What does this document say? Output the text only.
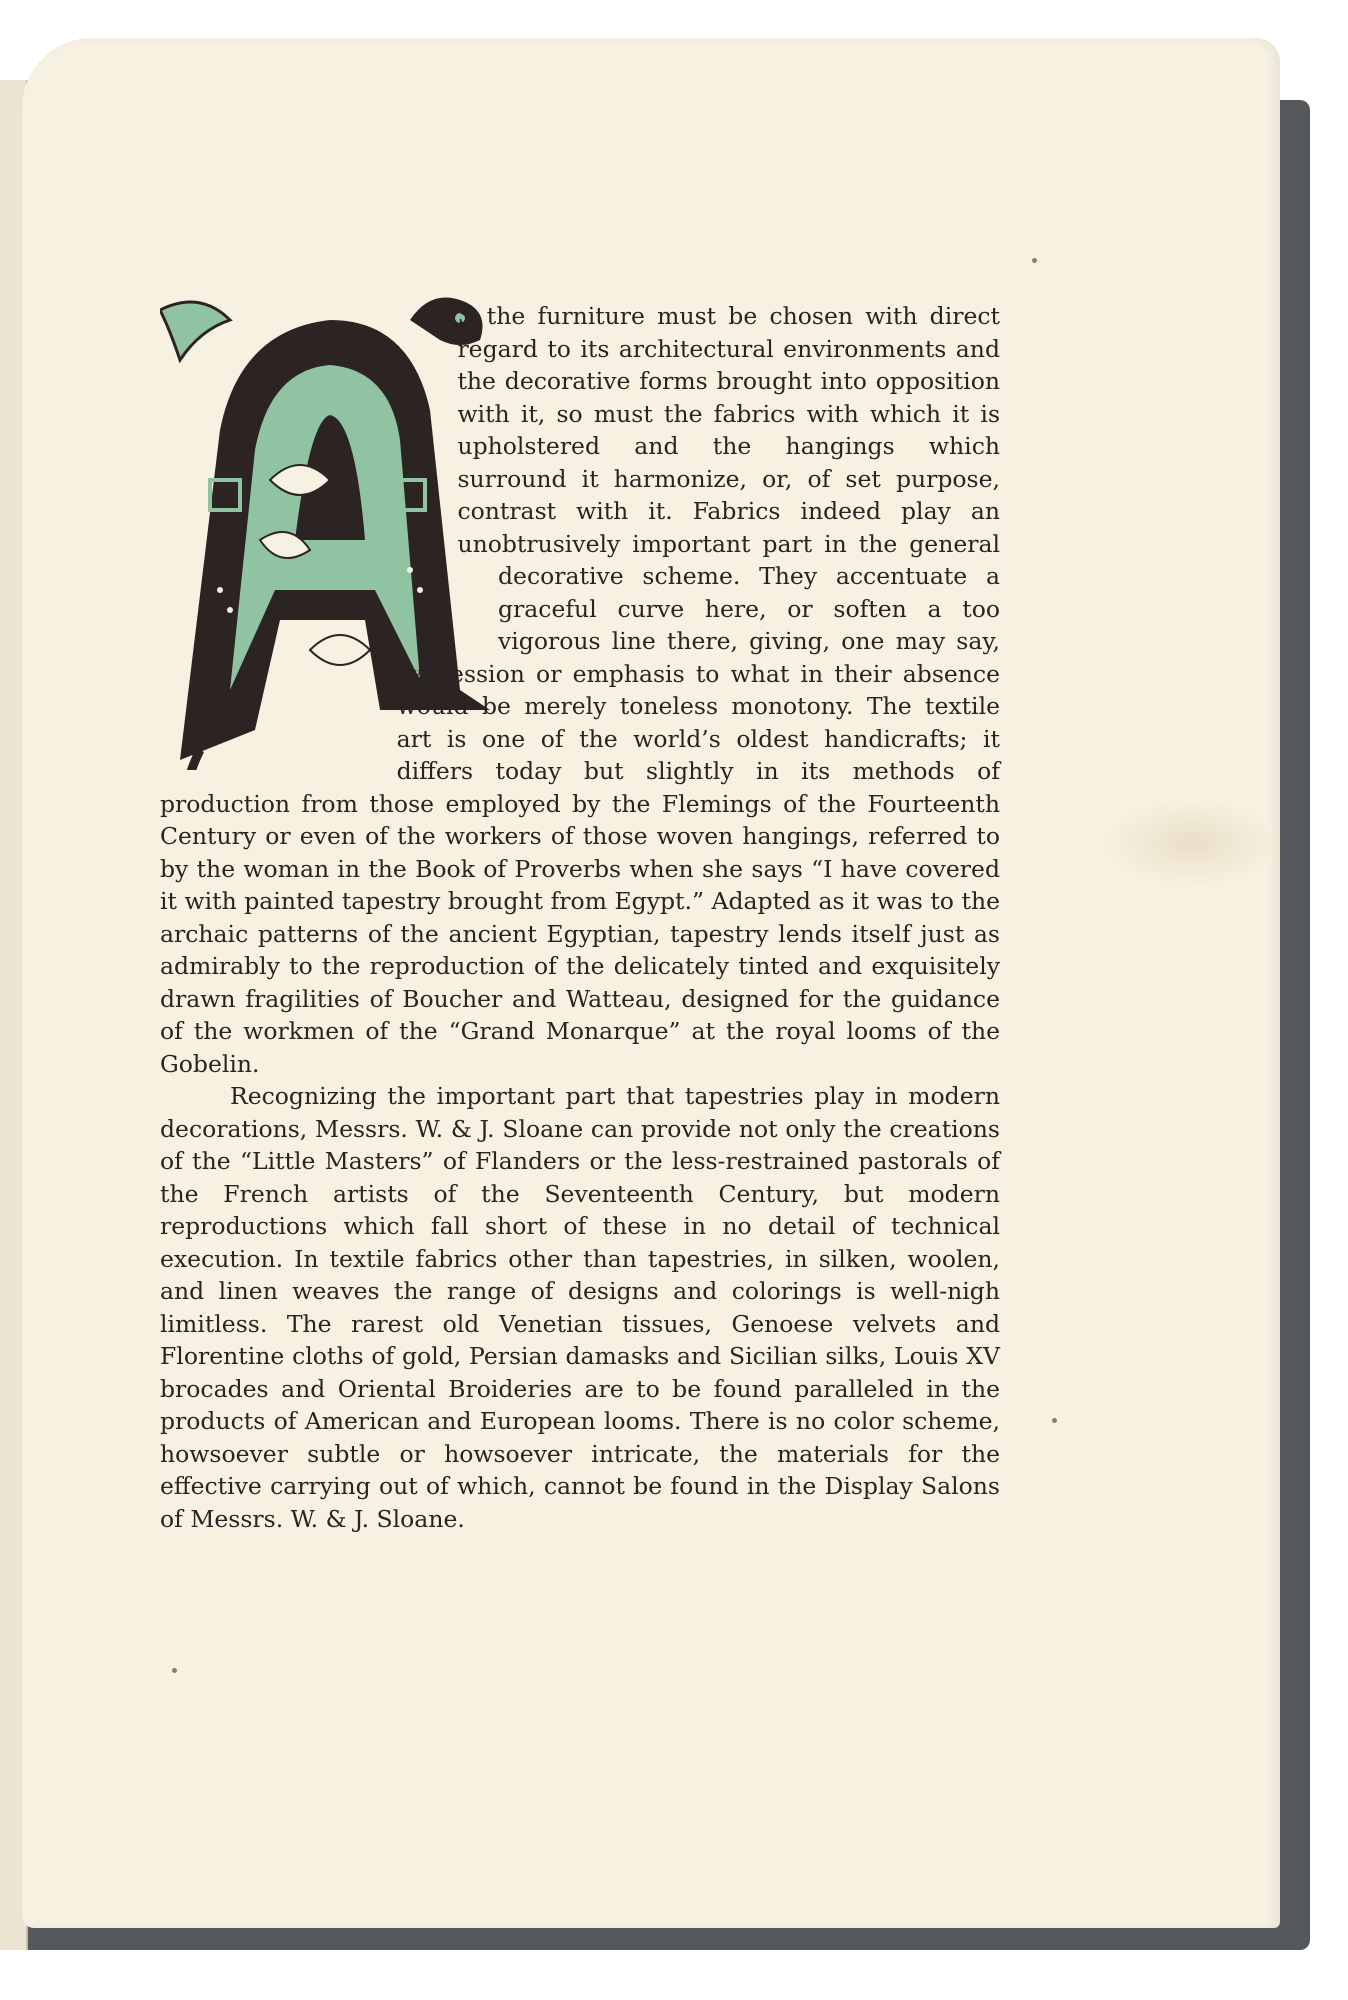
S the furniture must be chosen with direct regard to its architectural environments and the decorative forms brought into opposition with it, so must the fabrics with which it is upholstered and the hangings which surround it harmonize, or, of set purpose, contrast with it. Fabrics indeed play an unobtrusively important part in the general decorative scheme. They accentuate a graceful curve here, or soften a too vigorous line there, giving, one may say, expression or emphasis to what in their absence would be merely toneless monotony. The textile art is one of the world’s oldest handicrafts; it differs today but slightly in its methods of production from those employed by the Flemings of the Fourteenth Century or even of the workers of those woven hangings, referred to by the woman in the Book of Proverbs when she says “I have covered it with painted tapestry brought from Egypt.” Adapted as it was to the archaic patterns of the ancient Egyptian, tapestry lends itself just as admirably to the reproduction of the delicately tinted and exquisitely drawn fragilities of Boucher and Watteau, designed for the guidance of the workmen of the “Grand Monarque” at the royal looms of the Gobelin.

Recognizing the important part that tapestries play in modern decorations, Messrs. W. & J. Sloane can provide not only the creations of the “Little Masters” of Flanders or the less-restrained pastorals of the French artists of the Seventeenth Century, but modern reproductions which fall short of these in no detail of technical execution. In textile fabrics other than tapestries, in silken, woolen, and linen weaves the range of designs and colorings is well-nigh limitless. The rarest old Venetian tissues, Genoese velvets and Florentine cloths of gold, Persian damasks and Sicilian silks, Louis XV brocades and Oriental Broideries are to be found paralleled in the products of American and European looms. There is no color scheme, howsoever subtle or howsoever intricate, the materials for the effective carrying out of which, cannot be found in the Display Salons of Messrs. W. & J. Sloane.
